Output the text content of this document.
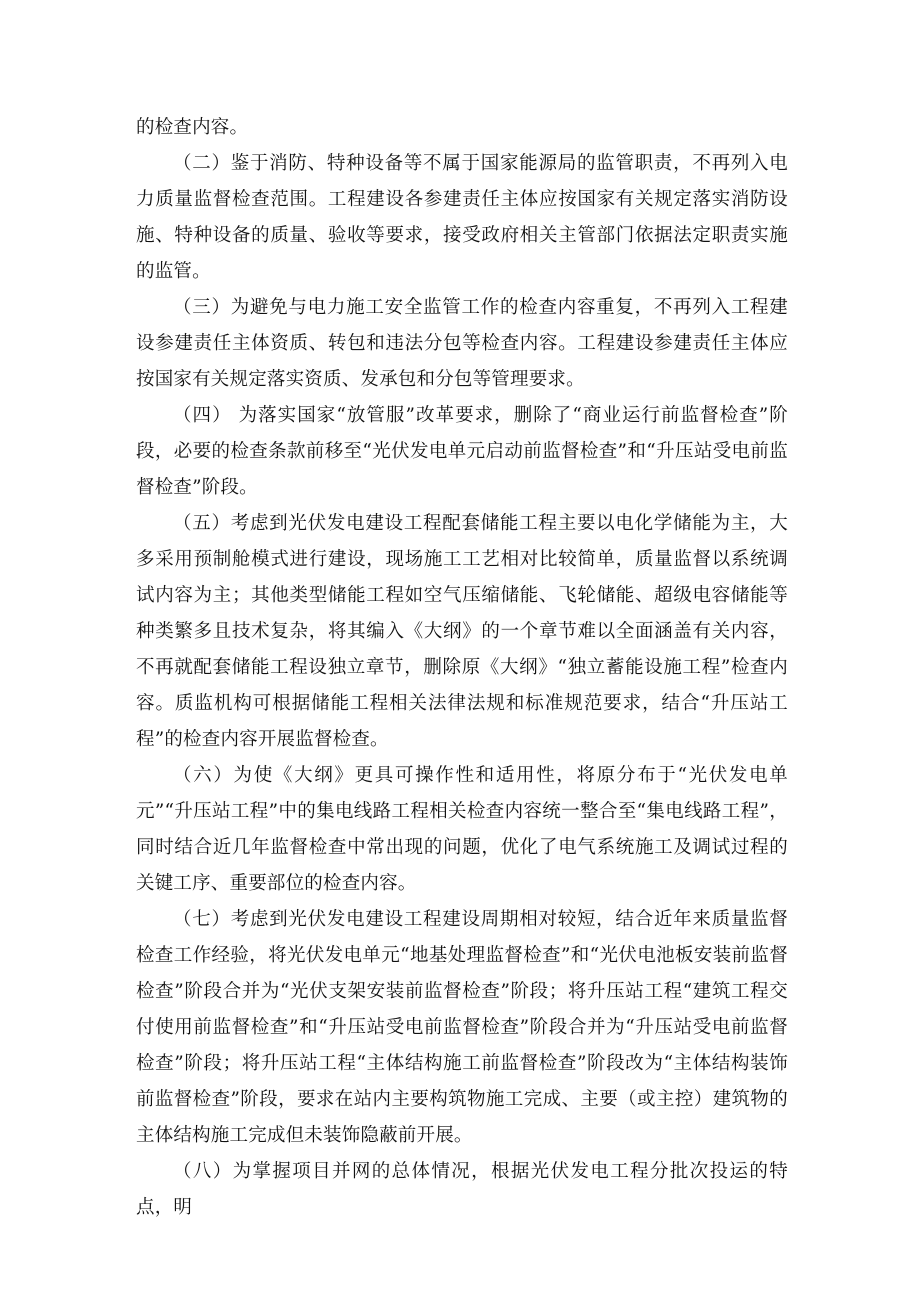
的检查内容。

（二）鉴于消防、特种设备等不属于国家能源局的监管职责，不再列入电力质量监督检查范围。工程建设各参建责任主体应按国家有关规定落实消防设施、特种设备的质量、验收等要求，接受政府相关主管部门依据法定职责实施的监管。

（三）为避免与电力施工安全监管工作的检查内容重复，不再列入工程建设参建责任主体资质、转包和违法分包等检查内容。工程建设参建责任主体应按国家有关规定落实资质、发承包和分包等管理要求。

（四） 为落实国家“放管服”改革要求，删除了“商业运行前监督检查”阶段，必要的检查条款前移至“光伏发电单元启动前监督检查”和“升压站受电前监督检查”阶段。

（五）考虑到光伏发电建设工程配套储能工程主要以电化学储能为主，大多采用预制舱模式进行建设，现场施工工艺相对比较简单，质量监督以系统调试内容为主；其他类型储能工程如空气压缩储能、飞轮储能、超级电容储能等种类繁多且技术复杂，将其编入《大纲》的一个章节难以全面涵盖有关内容，不再就配套储能工程设独立章节，删除原《大纲》“独立蓄能设施工程”检查内容。质监机构可根据储能工程相关法律法规和标准规范要求，结合“升压站工程”的检查内容开展监督检查。

（六）为使《大纲》更具可操作性和适用性，将原分布于“光伏发电单元”“升压站工程”中的集电线路工程相关检查内容统一整合至“集电线路工程”，同时结合近几年监督检查中常出现的问题，优化了电气系统施工及调试过程的关键工序、重要部位的检查内容。

（七）考虑到光伏发电建设工程建设周期相对较短，结合近年来质量监督检查工作经验，将光伏发电单元“地基处理监督检查”和“光伏电池板安装前监督检查”阶段合并为“光伏支架安装前监督检查”阶段；将升压站工程“建筑工程交付使用前监督检查”和“升压站受电前监督检查”阶段合并为“升压站受电前监督检查”阶段；将升压站工程“主体结构施工前监督检查”阶段改为“主体结构装饰前监督检查”阶段，要求在站内主要构筑物施工完成、主要（或主控）建筑物的主体结构施工完成但未装饰隐蔽前开展。

（八）为掌握项目并网的总体情况，根据光伏发电工程分批次投运的特点，明
